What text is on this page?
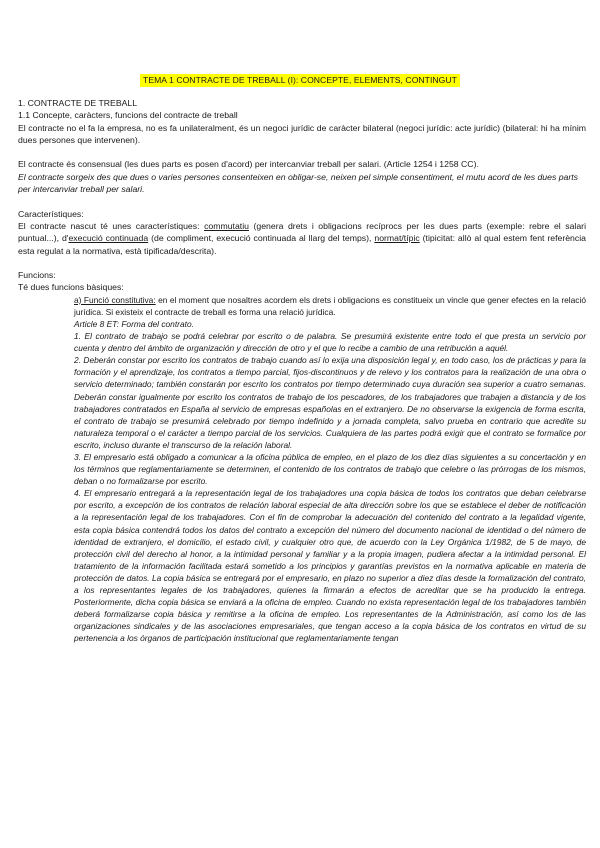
TEMA 1 CONTRACTE DE TREBALL (I): CONCEPTE, ELEMENTS, CONTINGUT

1. CONTRACTE DE TREBALL

1.1 Concepte, caràcters, funcions del contracte de treball

El contracte no el fa la empresa, no es fa unilateralment, és un negoci jurídic de caràcter bilateral (negoci jurídic: acte jurídic) (bilateral: hi ha mínim dues persones que intervenen).

El contracte és consensual (les dues parts es posen d'acord) per intercanviar treball per salari. (Article 1254 i 1258 CC).

El contracte sorgeix des que dues o varies persones consenteixen en obligar-se, neixen pel simple consentiment, el mutu acord de les dues parts per intercanviar treball per salari.

Característiques:

El contracte nascut té unes característiques: commutatiu (genera drets i obligacions recíprocs per les dues parts (exemple: rebre el salari puntual...), d'execució continuada (de compliment, execució continuada al llarg del temps), normat/típic (tipicitat: allò al qual estem fent referència esta regulat a la normativa, està tipificada/descrita).

Funcions:

Té dues funcions bàsiques:

a) Funció constitutiva: en el moment que nosaltres acordem els drets i obligacions es constitueix un vincle que gener efectes en la relació jurídica. Si existeix el contracte de treball es forma una relació jurídica.

Article 8 ET: Forma del contrato.

1. El contrato de trabajo se podrá celebrar por escrito o de palabra. Se presumirá existente entre todo el que presta un servicio por cuenta y dentro del ámbito de organización y dirección de otro y el que lo recibe a cambio de una retribución a aquél.

2. Deberán constar por escrito los contratos de trabajo cuando así lo exija una disposición legal y, en todo caso, los de prácticas y para la formación y el aprendizaje, los contratos a tiempo parcial, fijos-discontinuos y de relevo y los contratos para la realización de una obra o servicio determinado; también constarán por escrito los contratos por tiempo determinado cuya duración sea superior a cuatro semanas. Deberán constar igualmente por escrito los contratos de trabajo de los pescadores, de los trabajadores que trabajen a distancia y de los trabajadores contratados en España al servicio de empresas españolas en el extranjero. De no observarse la exigencia de forma escrita, el contrato de trabajo se presumirá celebrado por tiempo indefinido y a jornada completa, salvo prueba en contrario que acredite su naturaleza temporal o el carácter a tiempo parcial de los servicios. Cualquiera de las partes podrá exigir que el contrato se formalice por escrito, incluso durante el transcurso de la relación laboral.

3. El empresario está obligado a comunicar a la oficina pública de empleo, en el plazo de los diez días siguientes a su concertación y en los términos que reglamentariamente se determinen, el contenido de los contratos de trabajo que celebre o las prórrogas de los mismos, deban o no formalizarse por escrito.

4. El empresario entregará a la representación legal de los trabajadores una copia básica de todos los contratos que deban celebrarse por escrito, a excepción de los contratos de relación laboral especial de alta dirección sobre los que se establece el deber de notificación a la representación legal de los trabajadores. Con el fin de comprobar la adecuación del contenido del contrato a la legalidad vigente, esta copia básica contendrá todos los datos del contrato a excepción del número del documento nacional de identidad o del número de identidad de extranjero, el domicilio, el estado civil, y cualquier otro que, de acuerdo con la Ley Orgánica 1/1982, de 5 de mayo, de protección civil del derecho al honor, a la intimidad personal y familiar y a la propia imagen, pudiera afectar a la intimidad personal. El tratamiento de la información facilitada estará sometido a los principios y garantías previstos en la normativa aplicable en materia de protección de datos. La copia básica se entregará por el empresario, en plazo no superior a diez días desde la formalización del contrato, a los representantes legales de los trabajadores, quienes la firmarán a efectos de acreditar que se ha producido la entrega. Posteriormente, dicha copia básica se enviará a la oficina de empleo. Cuando no exista representación legal de los trabajadores también deberá formalizarse copia básica y remitirse a la oficina de empleo. Los representantes de la Administración, así como los de las organizaciones sindicales y de las asociaciones empresariales, que tengan acceso a la copia básica de los contratos en virtud de su pertenencia a los órganos de participación institucional que reglamentariamente tengan
